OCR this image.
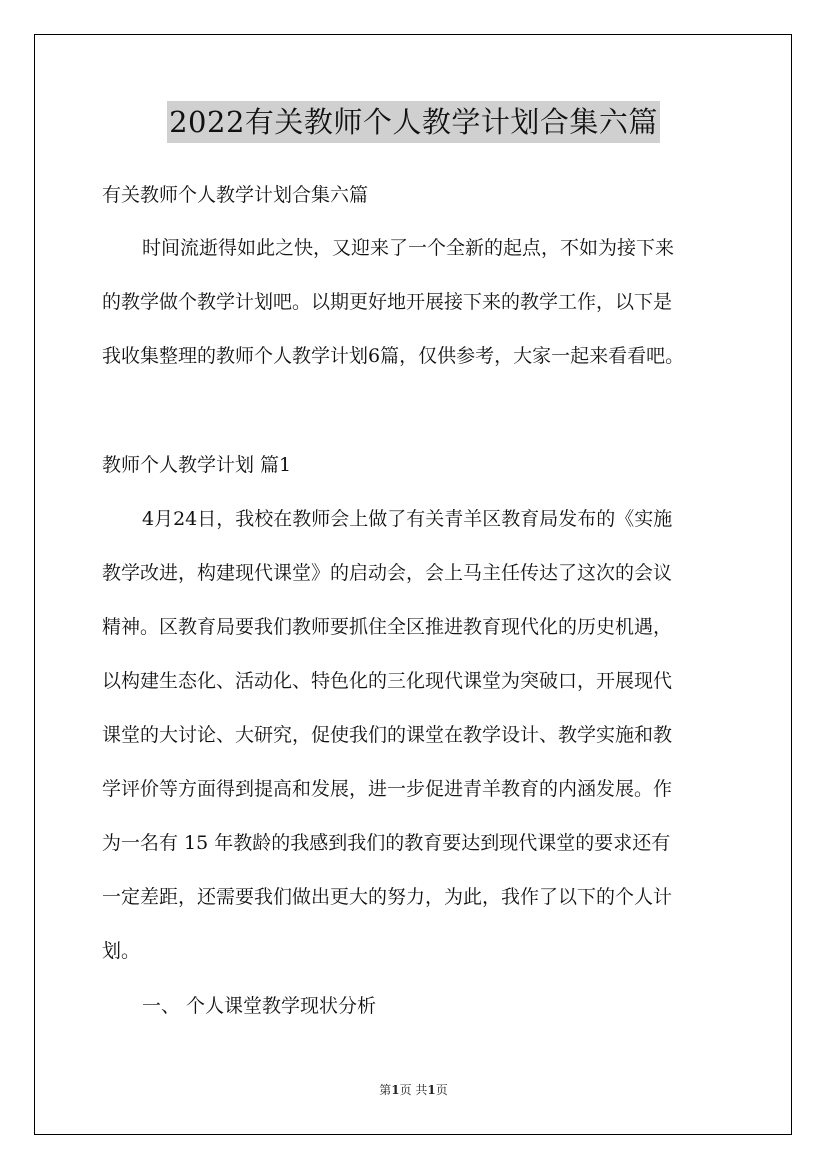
2022有关教师个人教学计划合集六篇
有关教师个人教学计划合集六篇
时间流逝得如此之快，又迎来了一个全新的起点，不如为接下来
的教学做个教学计划吧。以期更好地开展接下来的教学工作，以下是
我收集整理的教师个人教学计划6篇，仅供参考，大家一起来看看吧。
教师个人教学计划 篇1
4月24日，我校在教师会上做了有关青羊区教育局发布的《实施
教学改进，构建现代课堂》的启动会，会上马主任传达了这次的会议
精神。区教育局要我们教师要抓住全区推进教育现代化的历史机遇，
以构建生态化、活动化、特色化的三化现代课堂为突破口，开展现代
课堂的大讨论、大研究，促使我们的课堂在教学设计、教学实施和教
学评价等方面得到提高和发展，进一步促进青羊教育的内涵发展。作
为一名有 15 年教龄的我感到我们的教育要达到现代课堂的要求还有
一定差距，还需要我们做出更大的努力，为此，我作了以下的个人计
划。
一、 个人课堂教学现状分析
第1页 共1页
